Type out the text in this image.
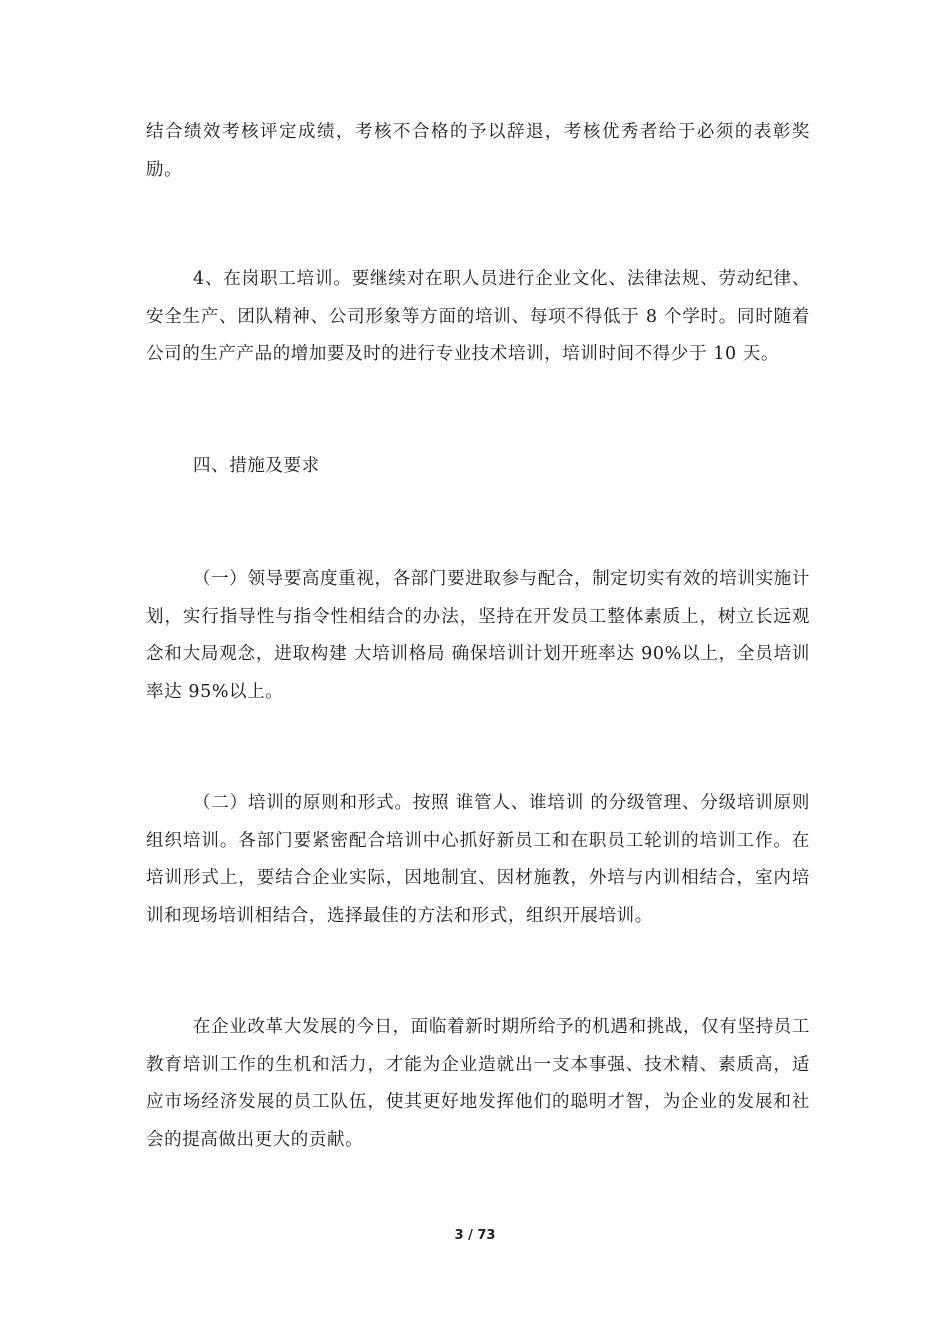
结合绩效考核评定成绩，考核不合格的予以辞退，考核优秀者给于必须的表彰奖励。

4、在岗职工培训。要继续对在职人员进行企业文化、法律法规、劳动纪律、安全生产、团队精神、公司形象等方面的培训、每项不得低于 8 个学时。同时随着公司的生产产品的增加要及时的进行专业技术培训，培训时间不得少于 10 天。

四、措施及要求

（一）领导要高度重视，各部门要进取参与配合，制定切实有效的培训实施计划，实行指导性与指令性相结合的办法，坚持在开发员工整体素质上，树立长远观念和大局观念，进取构建 大培训格局 确保培训计划开班率达 90%以上，全员培训率达 95%以上。

（二）培训的原则和形式。按照 谁管人、谁培训 的分级管理、分级培训原则组织培训。各部门要紧密配合培训中心抓好新员工和在职员工轮训的培训工作。在培训形式上，要结合企业实际，因地制宜、因材施教，外培与内训相结合，室内培训和现场培训相结合，选择最佳的方法和形式，组织开展培训。

在企业改革大发展的今日，面临着新时期所给予的机遇和挑战，仅有坚持员工教育培训工作的生机和活力，才能为企业造就出一支本事强、技术精、素质高，适应市场经济发展的员工队伍，使其更好地发挥他们的聪明才智，为企业的发展和社会的提高做出更大的贡献。

3 / 73
